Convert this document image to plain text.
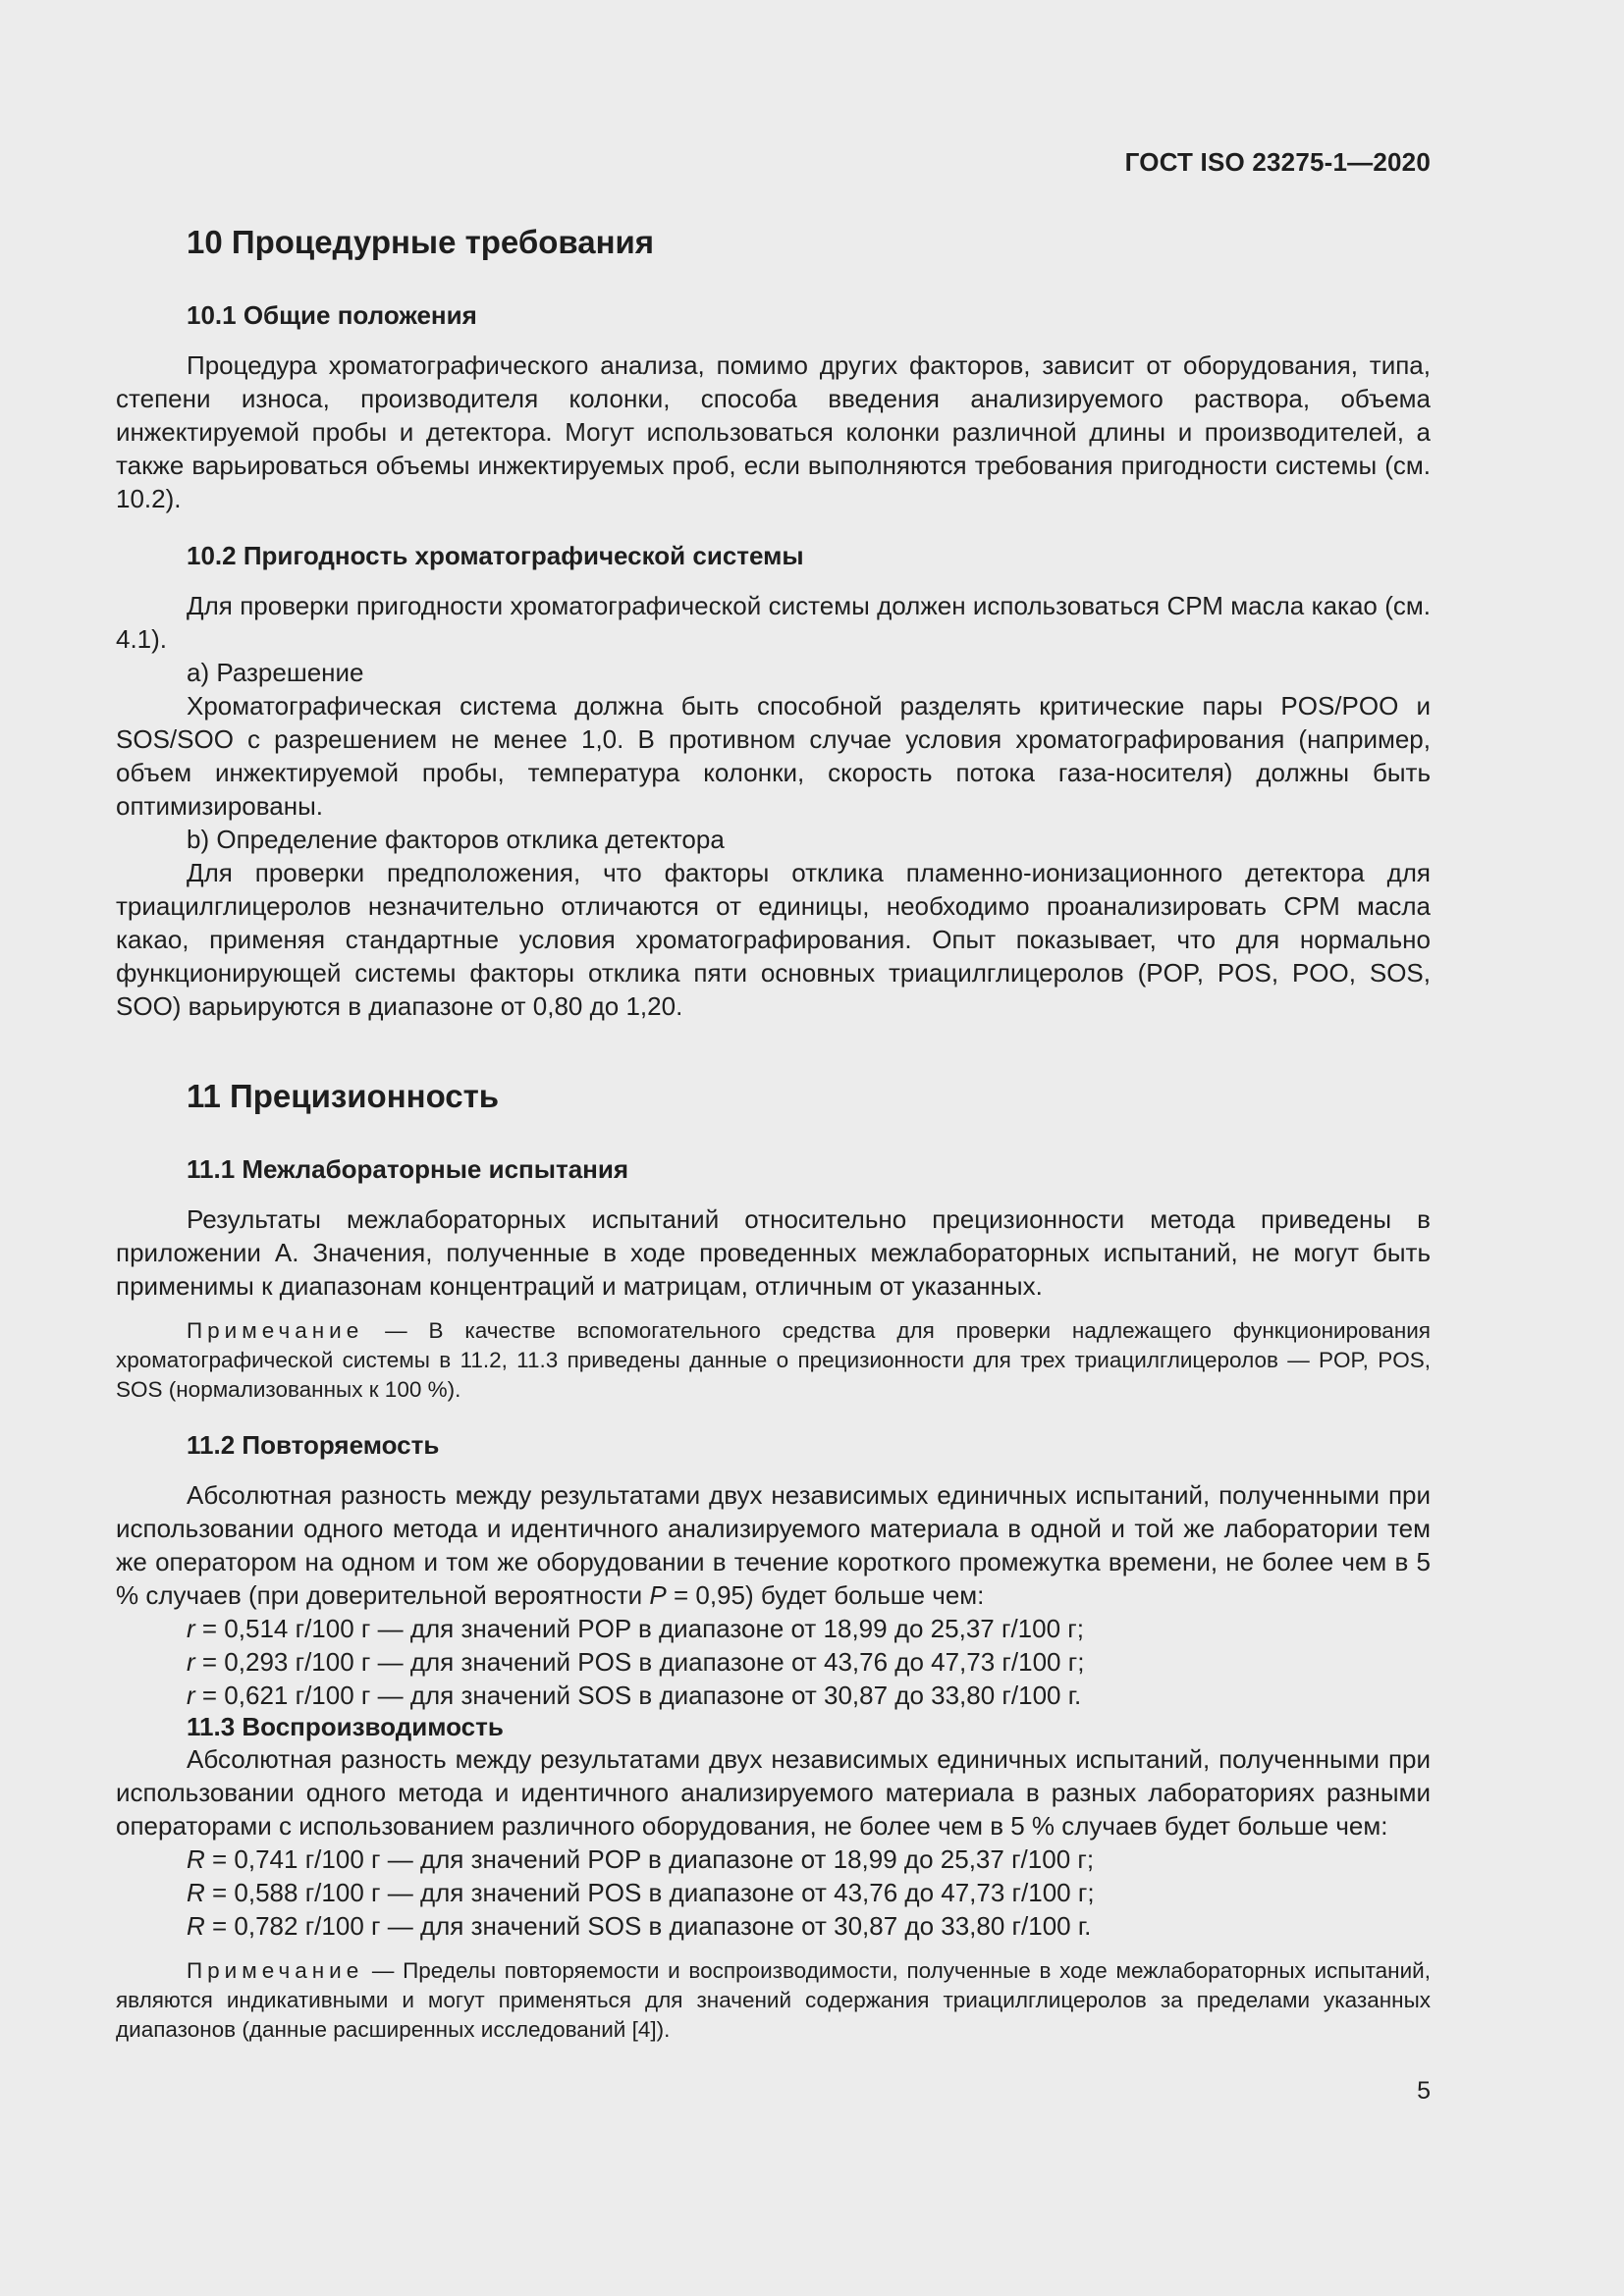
ГОСТ ISO 23275-1—2020
10 Процедурные требования
10.1 Общие положения

Процедура хроматографического анализа, помимо других факторов, зависит от оборудования, типа, степени износа, производителя колонки, способа введения анализируемого раствора, объема инжектируемой пробы и детектора. Могут использоваться колонки различной длины и производителей, а также варьироваться объемы инжектируемых проб, если выполняются требования пригодности системы (см. 10.2).

10.2 Пригодность хроматографической системы

Для проверки пригодности хроматографической системы должен использоваться СРМ масла какао (см. 4.1).

a) Разрешение

Хроматографическая система должна быть способной разделять критические пары POS/POO и SOS/SOO с разрешением не менее 1,0. В противном случае условия хроматографирования (например, объем инжектируемой пробы, температура колонки, скорость потока газа-носителя) должны быть оптимизированы.

b) Определение факторов отклика детектора

Для проверки предположения, что факторы отклика пламенно-ионизационного детектора для триацилглицеролов незначительно отличаются от единицы, необходимо проанализировать СРМ масла какао, применяя стандартные условия хроматографирования. Опыт показывает, что для нормально функционирующей системы факторы отклика пяти основных триацилглицеролов (POP, POS, POO, SOS, SOO) варьируются в диапазоне от 0,80 до 1,20.

11 Прецизионность
11.1 Межлабораторные испытания

Результаты межлабораторных испытаний относительно прецизионности метода приведены в приложении А. Значения, полученные в ходе проведенных межлабораторных испытаний, не могут быть применимы к диапазонам концентраций и матрицам, отличным от указанных.

Примечание — В качестве вспомогательного средства для проверки надлежащего функционирования хроматографической системы в 11.2, 11.3 приведены данные о прецизионности для трех триацилглицеролов — POP, POS, SOS (нормализованных к 100 %).

11.2 Повторяемость

Абсолютная разность между результатами двух независимых единичных испытаний, полученными при использовании одного метода и идентичного анализируемого материала в одной и той же лаборатории тем же оператором на одном и том же оборудовании в течение короткого промежутка времени, не более чем в 5 % случаев (при доверительной вероятности P = 0,95) будет больше чем:

r = 0,514 г/100 г — для значений POP в диапазоне от 18,99 до 25,37 г/100 г;

r = 0,293 г/100 г — для значений POS в диапазоне от 43,76 до 47,73 г/100 г;

r = 0,621 г/100 г — для значений SOS в диапазоне от 30,87 до 33,80 г/100 г.

11.3 Воспроизводимость

Абсолютная разность между результатами двух независимых единичных испытаний, полученными при использовании одного метода и идентичного анализируемого материала в разных лабораториях разными операторами с использованием различного оборудования, не более чем в 5 % случаев будет больше чем:

R = 0,741 г/100 г — для значений POP в диапазоне от 18,99 до 25,37 г/100 г;

R = 0,588 г/100 г — для значений POS в диапазоне от 43,76 до 47,73 г/100 г;

R = 0,782 г/100 г — для значений SOS в диапазоне от 30,87 до 33,80 г/100 г.

Примечание — Пределы повторяемости и воспроизводимости, полученные в ходе межлабораторных испытаний, являются индикативными и могут применяться для значений содержания триацилглицеролов за пределами указанных диапазонов (данные расширенных исследований [4]).

5
